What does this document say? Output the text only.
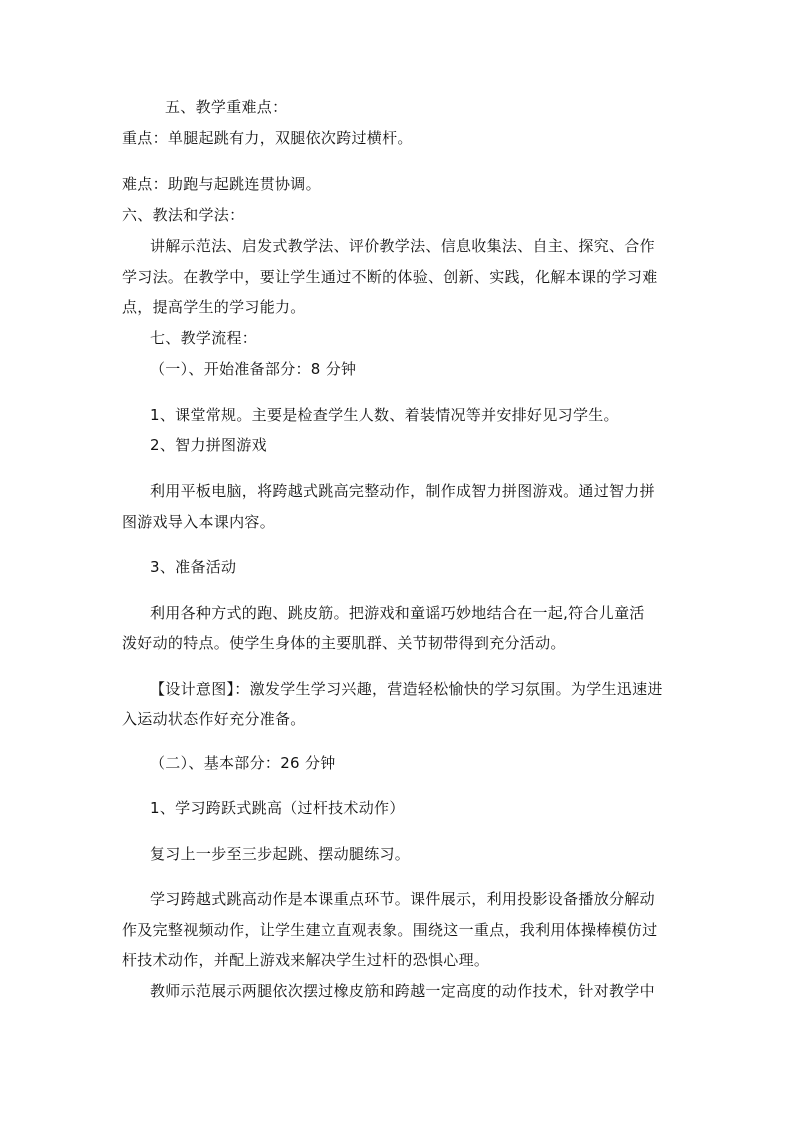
五、教学重难点：
重点：单腿起跳有力，双腿依次跨过横杆。
难点：助跑与起跳连贯协调。
六、教法和学法：
讲解示范法、启发式教学法、评价教学法、信息收集法、自主、探究、合作
学习法。在教学中，要让学生通过不断的体验、创新、实践，化解本课的学习难
点，提高学生的学习能力。
七、教学流程：
（一）、开始准备部分：8 分钟
1、课堂常规。主要是检查学生人数、着装情况等并安排好见习学生。
2、智力拼图游戏
利用平板电脑，将跨越式跳高完整动作，制作成智力拼图游戏。通过智力拼
图游戏导入本课内容。
3、准备活动
利用各种方式的跑、跳皮筋。把游戏和童谣巧妙地结合在一起,符合儿童活
泼好动的特点。使学生身体的主要肌群、关节韧带得到充分活动。
【设计意图】：激发学生学习兴趣，营造轻松愉快的学习氛围。为学生迅速进
入运动状态作好充分准备。
（二）、基本部分：26 分钟
1、学习跨跃式跳高（过杆技术动作）
复习上一步至三步起跳、摆动腿练习。
学习跨越式跳高动作是本课重点环节。课件展示，利用投影设备播放分解动
作及完整视频动作，让学生建立直观表象。围绕这一重点，我利用体操棒模仿过
杆技术动作，并配上游戏来解决学生过杆的恐惧心理。
教师示范展示两腿依次摆过橡皮筋和跨越一定高度的动作技术，针对教学中
